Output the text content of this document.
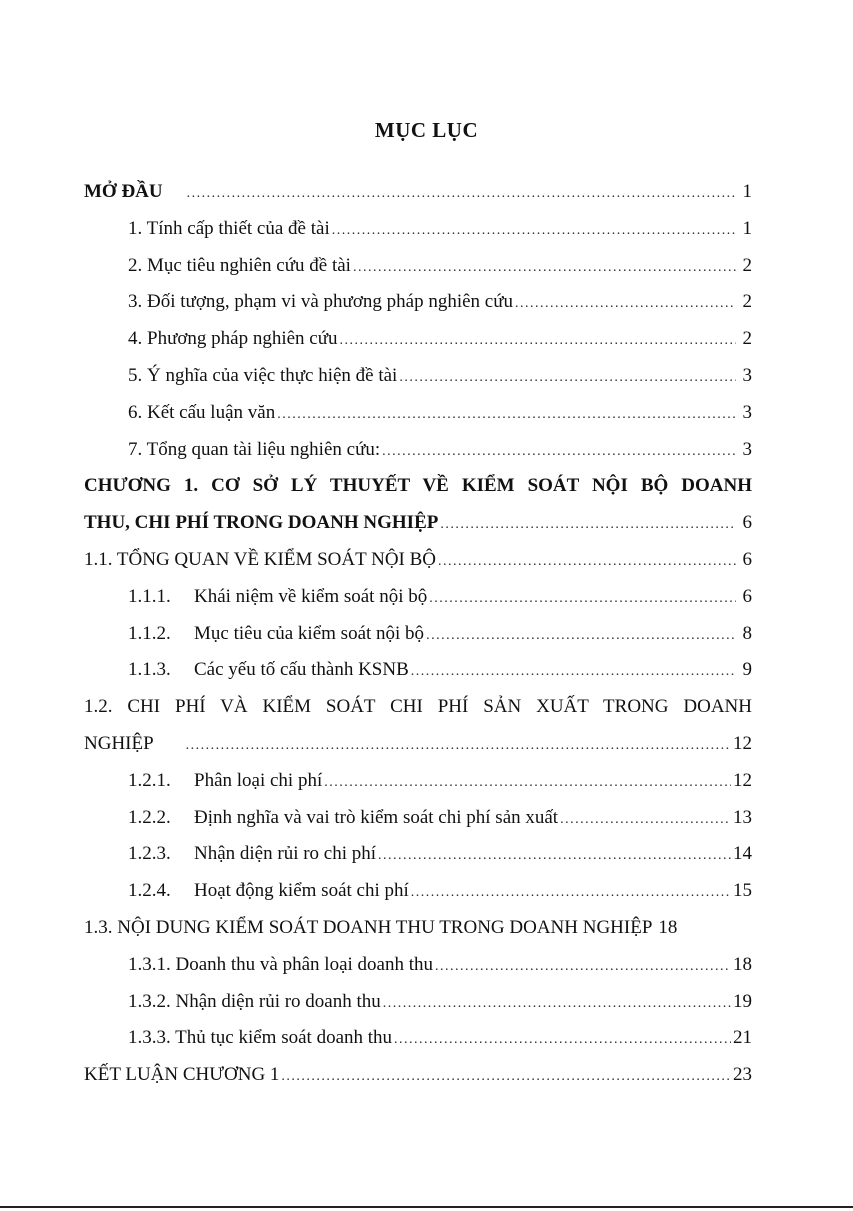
MỤC LỤC
MỞ ĐẦU .....	1
1. Tính cấp thiết của đề tài .....	1
2. Mục tiêu nghiên cứu đề tài .....	2
3. Đối tượng, phạm vi và phương pháp nghiên cứu .....	2
4. Phương pháp nghiên cứu .....	2
5. Ý nghĩa của việc thực hiện đề tài .....	3
6. Kết cấu luận văn .....	3
7. Tổng quan tài liệu nghiên cứu: .....	3
CHƯƠNG 1. CƠ SỞ LÝ THUYẾT VỀ KIỂM SOÁT NỘI BỘ DOANH
THU, CHI PHÍ TRONG DOANH NGHIỆP .....	6
1.1. TỔNG QUAN VỀ KIỂM SOÁT NỘI BỘ .....	6
1.1.1.	Khái niệm về kiểm soát nội bộ .....	6
1.1.2.	Mục tiêu của kiểm soát nội bộ .....	8
1.1.3.	Các yếu tố cấu thành KSNB .....	9
1.2. CHI PHÍ VÀ KIỂM SOÁT CHI PHÍ SẢN XUẤT TRONG DOANH
NGHIỆP .....	12
1.2.1.	Phân loại chi phí .....	12
1.2.2.	Định nghĩa và vai trò kiểm soát chi phí sản xuất .....	13
1.2.3.	Nhận diện rủi ro chi phí .....	14
1.2.4.	Hoạt động kiểm soát chi phí .....	15
1.3. NỘI DUNG KIỂM SOÁT DOANH THU TRONG DOANH NGHIỆP 18
1.3.1. Doanh thu và phân loại doanh thu .....	18
1.3.2. Nhận diện rủi ro doanh thu .....	19
1.3.3. Thủ tục kiểm soát doanh thu .....	21
KẾT LUẬN CHƯƠNG 1 .....	23
